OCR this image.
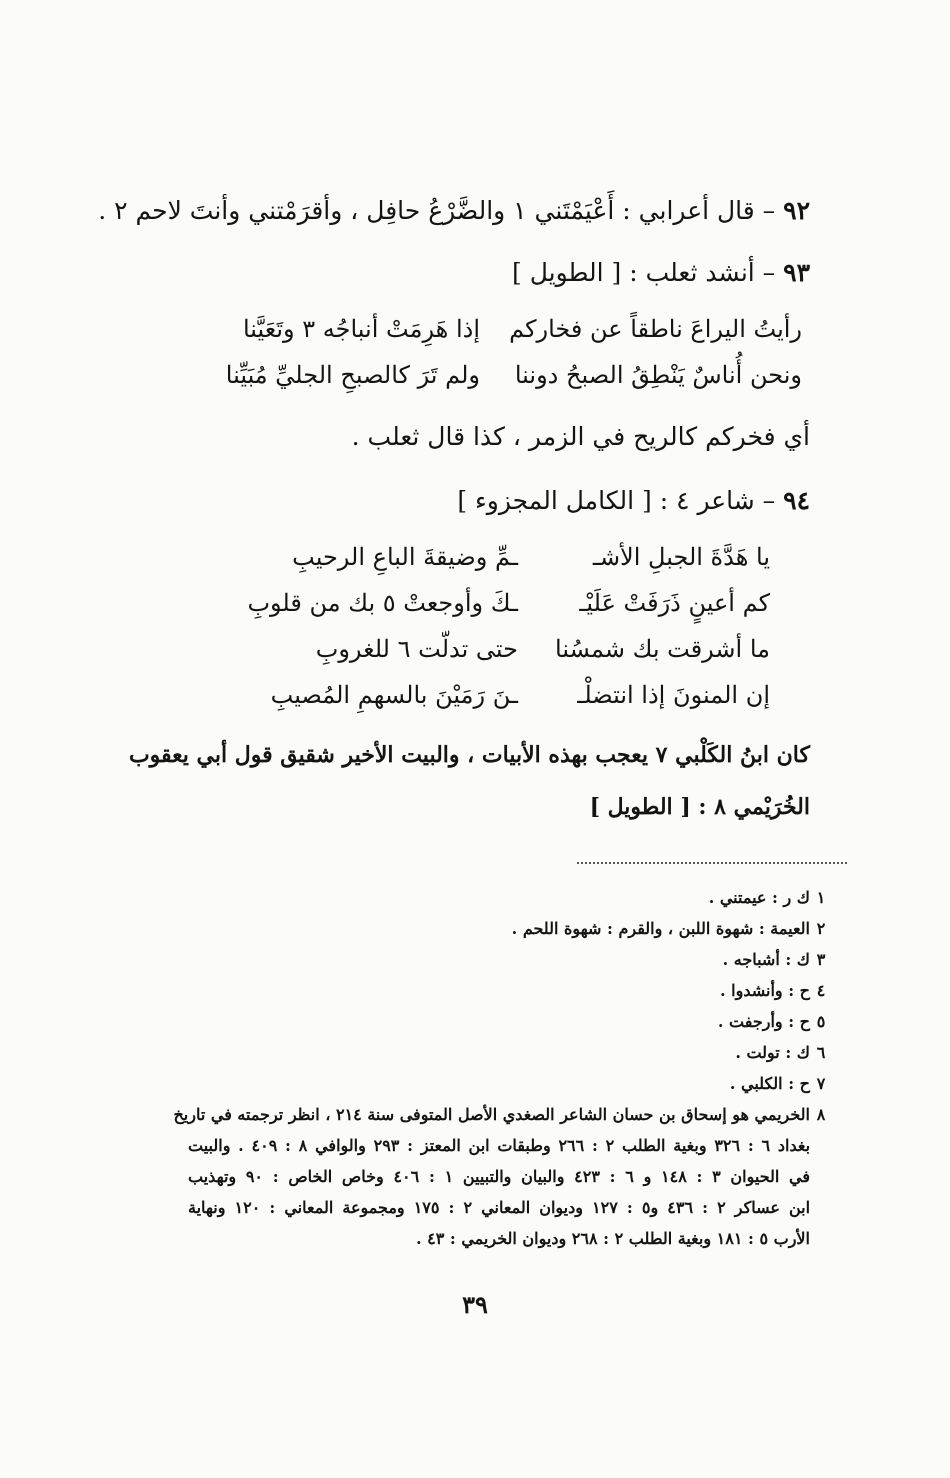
٩٢ – قال أعرابي : أَعْيَمْتَني ١ والضَّرْعُ حافِل ، وأقرَمْتني وأنتَ لاحم ٢ .
٩٣ – أنشد ثعلب : [ الطويل ]
رأيتُ اليراعَ ناطقاً عن فخاركم
إذا هَرِمَتْ أنباجُه ٣ وتَعَيَّنا
ونحن أُناسٌ يَنْطِقُ الصبحُ دوننا
ولم تَرَ كالصبحِ الجليِّ مُبَيِّنا
أي فخركم كالريح في الزمر ، كذا قال ثعلب .
٩٤ – شاعر ٤ : [ الكامل المجزوء ]
يا هَدَّةَ الجبلِ الأشـ
ـمِّ وضيقةَ الباعِ الرحيبِ
كم أعينٍ ذَرَفَتْ عَلَيْـ
ـكَ وأوجعتْ ٥ بك من قلوبِ
ما أشرقت بك شمسُنا
حتى تدلّت ٦ للغروبِ
إن المنونَ إذا انتضلْـ
ـنَ رَمَيْنَ بالسهمِ المُصيبِ
كان ابنُ الكَلْبي ٧ يعجب بهذه الأبيات ، والبيت الأخير شقيق قول أبي يعقوب
الخُرَيْمي ٨ : [ الطويل ]
١
ك ر : عيمتني .
٢
العيمة : شهوة اللبن ، والقرم : شهوة اللحم .
٣
ك : أشباجه .
٤
ح : وأنشدوا .
٥
ح : وأرجفت .
٦
ك : تولت .
٧
ح : الكلبي .
٨
الخريمي هو إسحاق بن حسان الشاعر الصغدي الأصل المتوفى سنة ٢١٤ ، انظر ترجمته في تاريخ
بغداد ٦ : ٣٢٦ وبغية الطلب ٢ : ٢٦٦ وطبقات ابن المعتز : ٢٩٣ والوافي ٨ : ٤٠٩ . والبيت
في الحيوان ٣ : ١٤٨ و ٦ : ٤٢٣ والبيان والتبيين ١ : ٤٠٦ وخاص الخاص : ٩٠ وتهذيب
ابن عساكر ٢ : ٤٣٦ و٥ : ١٢٧ وديوان المعاني ٢ : ١٧٥ ومجموعة المعاني : ١٢٠ ونهاية
الأرب ٥ : ١٨١ وبغية الطلب ٢ : ٢٦٨ وديوان الخريمي : ٤٣ .
٣٩
